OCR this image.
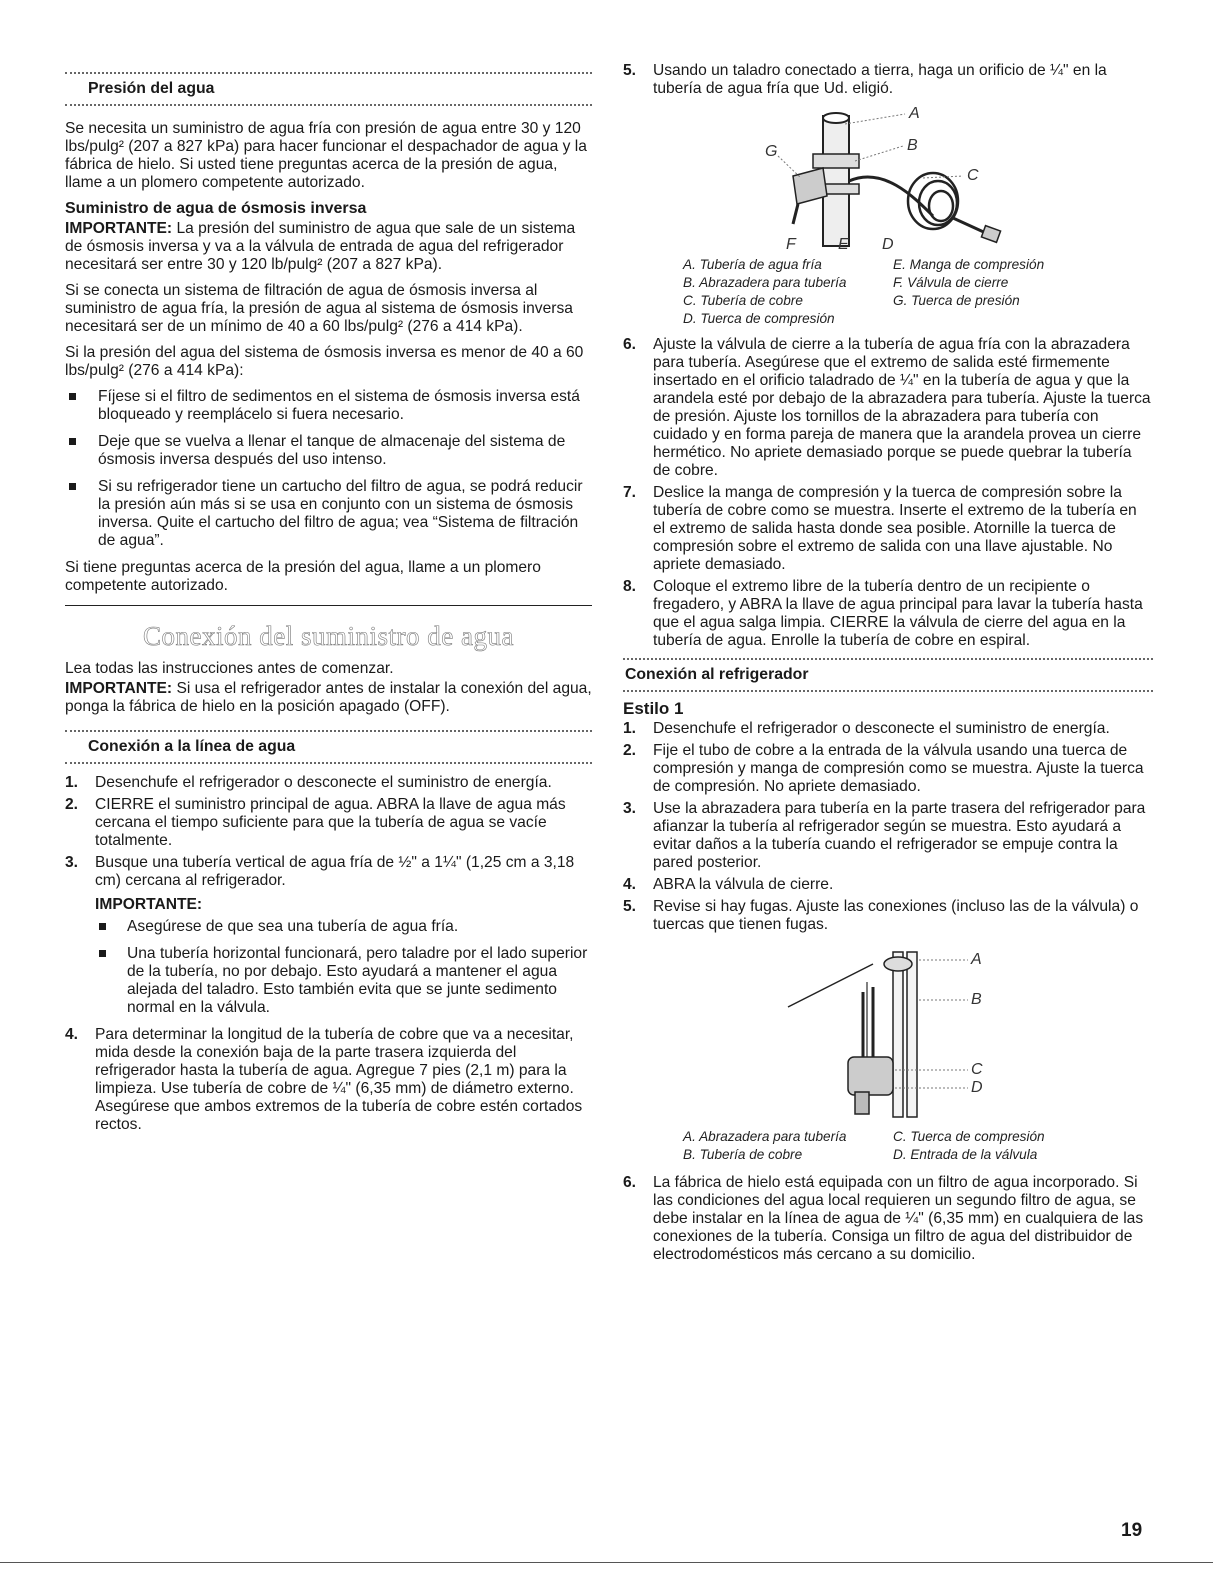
Presión del agua

Se necesita un suministro de agua fría con presión de agua entre 30 y 120 lbs/pulg² (207 a 827 kPa) para hacer funcionar el despachador de agua y la fábrica de hielo. Si usted tiene preguntas acerca de la presión de agua, llame a un plomero competente autorizado.

Suministro de agua de ósmosis inversa

IMPORTANTE: La presión del suministro de agua que sale de un sistema de ósmosis inversa y va a la válvula de entrada de agua del refrigerador necesitará ser entre 30 y 120 lb/pulg² (207 a 827 kPa).

Si se conecta un sistema de filtración de agua de ósmosis inversa al suministro de agua fría, la presión de agua al sistema de ósmosis inversa necesitará ser de un mínimo de 40 a 60 lbs/pulg² (276 a 414 kPa).

Si la presión del agua del sistema de ósmosis inversa es menor de 40 a 60 lbs/pulg² (276 a 414 kPa):

Fíjese si el filtro de sedimentos en el sistema de ósmosis inversa está bloqueado y reemplácelo si fuera necesario.
Deje que se vuelva a llenar el tanque de almacenaje del sistema de ósmosis inversa después del uso intenso.
Si su refrigerador tiene un cartucho del filtro de agua, se podrá reducir la presión aún más si se usa en conjunto con un sistema de ósmosis inversa. Quite el cartucho del filtro de agua; vea “Sistema de filtración de agua”.

Si tiene preguntas acerca de la presión del agua, llame a un plomero competente autorizado.

Conexión del suministro de agua

Lea todas las instrucciones antes de comenzar.

IMPORTANTE: Si usa el refrigerador antes de instalar la conexión del agua, ponga la fábrica de hielo en la posición apagado (OFF).

Conexión a la línea de agua
1. Desenchufe el refrigerador o desconecte el suministro de energía.
2. CIERRE el suministro principal de agua. ABRA la llave de agua más cercana el tiempo suficiente para que la tubería de agua se vacíe totalmente.
3. Busque una tubería vertical de agua fría de ½" a 1¼" (1,25 cm a 3,18 cm) cercana al refrigerador.
IMPORTANTE:
Asegúrese de que sea una tubería de agua fría.
Una tubería horizontal funcionará, pero taladre por el lado superior de la tubería, no por debajo. Esto ayudará a mantener el agua alejada del taladro. Esto también evita que se junte sedimento normal en la válvula.
4. Para determinar la longitud de la tubería de cobre que va a necesitar, mida desde la conexión baja de la parte trasera izquierda del refrigerador hasta la tubería de agua. Agregue 7 pies (2,1 m) para la limpieza. Use tubería de cobre de ¼" (6,35 mm) de diámetro externo. Asegúrese que ambos extremos de la tubería de cobre estén cortados rectos.
5. Usando un taladro conectado a tierra, haga un orificio de ¼" en la tubería de agua fría que Ud. eligió.
A
B
C
G
F	E D
A. Tubería de agua fría	E. Manga de compresión
B. Abrazadera para tubería	F. Válvula de cierre
C. Tubería de cobre	G. Tuerca de presión
D. Tuerca de compresión
6. Ajuste la válvula de cierre a la tubería de agua fría con la abrazadera para tubería. Asegúrese que el extremo de salida esté firmemente insertado en el orificio taladrado de ¼" en la tubería de agua y que la arandela esté por debajo de la abrazadera para tubería. Ajuste la tuerca de presión. Ajuste los tornillos de la abrazadera para tubería con cuidado y en forma pareja de manera que la arandela provea un cierre hermético. No apriete demasiado porque se puede quebrar la tubería de cobre.
7. Deslice la manga de compresión y la tuerca de compresión sobre la tubería de cobre como se muestra. Inserte el extremo de la tubería en el extremo de salida hasta donde sea posible. Atornille la tuerca de compresión sobre el extremo de salida con una llave ajustable. No apriete demasiado.
8. Coloque el extremo libre de la tubería dentro de un recipiente o fregadero, y ABRA la llave de agua principal para lavar la tubería hasta que el agua salga limpia. CIERRE la válvula de cierre del agua en la tubería de agua. Enrolle la tubería de cobre en espiral.
Conexión al refrigerador
Estilo 1
1. Desenchufe el refrigerador o desconecte el suministro de energía.
2. Fije el tubo de cobre a la entrada de la válvula usando una tuerca de compresión y manga de compresión como se muestra. Ajuste la tuerca de compresión. No apriete demasiado.
3. Use la abrazadera para tubería en la parte trasera del refrigerador para afianzar la tubería al refrigerador según se muestra. Esto ayudará a evitar daños a la tubería cuando el refrigerador se empuje contra la pared posterior.
4. ABRA la válvula de cierre.
5. Revise si hay fugas. Ajuste las conexiones (incluso las de la válvula) o tuercas que tienen fugas.
A
B
C
D
A. Abrazadera para tubería	C. Tuerca de compresión
B. Tubería de cobre	D. Entrada de la válvula
6. La fábrica de hielo está equipada con un filtro de agua incorporado. Si las condiciones del agua local requieren un segundo filtro de agua, se debe instalar en la línea de agua de ¼" (6,35 mm) en cualquiera de las conexiones de la tubería. Consiga un filtro de agua del distribuidor de electrodomésticos más cercano a su domicilio.
19
